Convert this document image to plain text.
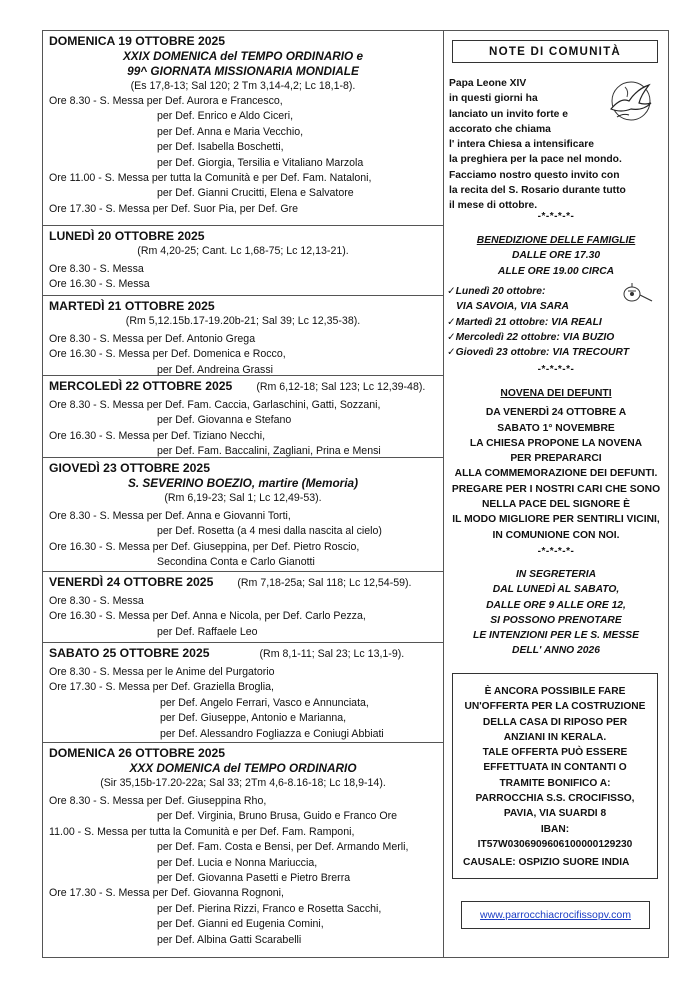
DOMENICA 19 OTTOBRE 2025
XXIX DOMENICA del TEMPO ORDINARIO e
99^ GIORNATA MISSIONARIA MONDIALE
(Es 17,8-13; Sal 120; 2 Tm 3,14-4,2; Lc 18,1-8).
Ore 8.30 - S. Messa per Def. Aurora e Francesco,
per Def. Enrico e Aldo Ciceri,
per Def. Anna e Maria Vecchio,
per Def. Isabella Boschetti,
per Def. Giorgia, Tersilia e Vitaliano Marzola
Ore 11.00 - S. Messa per tutta la Comunità e per Def. Fam. Nataloni,
per Def. Gianni Crucitti, Elena e Salvatore
Ore 17.30 - S. Messa per Def. Suor Pia, per Def. Gre
LUNEDÌ 20 OTTOBRE 2025
(Rm 4,20-25; Cant. Lc 1,68-75; Lc 12,13-21).
Ore 8.30 - S. Messa
Ore 16.30 - S. Messa
MARTEDÌ 21 OTTOBRE 2025
(Rm 5,12.15b.17-19.20b-21; Sal 39; Lc 12,35-38).
Ore 8.30 - S. Messa per Def. Antonio Grega
Ore 16.30 - S. Messa per Def. Domenica e Rocco,
per Def. Andreina Grassi
MERCOLEDÌ 22 OTTOBRE 2025 (Rm 6,12-18; Sal 123; Lc 12,39-48).
Ore 8.30 - S. Messa per Def. Fam. Caccia, Garlaschini, Gatti, Sozzani,
per Def. Giovanna e Stefano
Ore 16.30 - S. Messa per Def. Tiziano Necchi,
per Def. Fam. Baccalini, Zagliani, Prina e Mensi
GIOVEDÌ 23 OTTOBRE 2025
S. SEVERINO BOEZIO, martire (Memoria)
(Rm 6,19-23; Sal 1; Lc 12,49-53).
Ore 8.30 - S. Messa per Def. Anna e Giovanni Torti,
per Def. Rosetta (a 4 mesi dalla nascita al cielo)
Ore 16.30 - S. Messa per Def. Giuseppina, per Def. Pietro Roscio,
Secondina Conta e Carlo Gianotti
VENERDÌ 24 OTTOBRE 2025 (Rm 7,18-25a; Sal 118; Lc 12,54-59).
Ore 8.30 - S. Messa
Ore 16.30 - S. Messa per Def. Anna e Nicola, per Def. Carlo Pezza,
per Def. Raffaele Leo
SABATO 25 OTTOBRE 2025	(Rm 8,1-11; Sal 23; Lc 13,1-9).
Ore 8.30 - S. Messa per le Anime del Purgatorio
Ore 17.30 - S. Messa per Def. Graziella Broglia,
per Def. Angelo Ferrari, Vasco e Annunciata,
per Def. Giuseppe, Antonio e Marianna,
per Def. Alessandro Fogliazza e Coniugi Abbiati
DOMENICA 26 OTTOBRE 2025
XXX DOMENICA del TEMPO ORDINARIO
(Sir 35,15b-17.20-22a; Sal 33; 2Tm 4,6-8.16-18; Lc 18,9-14).
Ore 8.30 - S. Messa per Def. Giuseppina Rho,
per Def. Virginia, Bruno Brusa, Guido e Franco Ore
11.00 - S. Messa per tutta la Comunità e per Def. Fam. Ramponi,
per Def. Fam. Costa e Bensi, per Def. Armando Merli,
per Def. Lucia e Nonna Mariuccia,
per Def. Giovanna Pasetti e Pietro Brerra
Ore 17.30 - S. Messa per Def. Giovanna Rognoni,
per Def. Pierina Rizzi, Franco e Rosetta Sacchi,
per Def. Gianni ed Eugenia Comini,
per Def. Albina Gatti Scarabelli
NOTE DI COMUNITÀ
Papa Leone XIV
in questi giorni ha
lanciato un invito forte e
accorato che chiama
l' intera Chiesa a intensificare
la preghiera per la pace nel mondo.
Facciamo nostro questo invito con
la recita del S. Rosario durante tutto
il mese di ottobre.
-*-*-*-*-
BENEDIZIONE DELLE FAMIGLIE
DALLE ORE 17.30
ALLE ORE 19.00 CIRCA
✓Lunedì 20 ottobre:
VIA SAVOIA, VIA SARA
✓Martedì 21 ottobre: VIA REALI
✓Mercoledì 22 ottobre: VIA BUZIO
✓Giovedì 23 ottobre: VIA TRECOURT
-*-*-*-*-
NOVENA DEI DEFUNTI
DA VENERDÌ 24 OTTOBRE A
SABATO 1° NOVEMBRE
LA CHIESA PROPONE LA NOVENA
PER PREPARARCI
ALLA COMMEMORAZIONE DEI DEFUNTI.
PREGARE PER I NOSTRI CARI CHE SONO
NELLA PACE DEL SIGNORE È
IL MODO MIGLIORE PER SENTIRLI VICINI,
IN COMUNIONE CON NOI.
-*-*-*-*-
IN SEGRETERIA
DAL LUNEDÌ AL SABATO,
DALLE ORE 9 ALLE ORE 12,
SI POSSONO PRENOTARE
LE INTENZIONI PER LE S. MESSE
DELL' ANNO 2026
È ANCORA POSSIBILE FARE
UN'OFFERTA PER LA COSTRUZIONE
DELLA CASA DI RIPOSO PER
ANZIANI IN KERALA.
TALE OFFERTA PUÒ ESSERE
EFFETTUATA IN CONTANTI O
TRAMITE BONIFICO A:
PARROCCHIA S.S. CROCIFISSO,
PAVIA, VIA SUARDI 8
IBAN:
IT57W0306909606100000129230
CAUSALE: OSPIZIO SUORE INDIA
www.parrocchiacrocifissopv.com
